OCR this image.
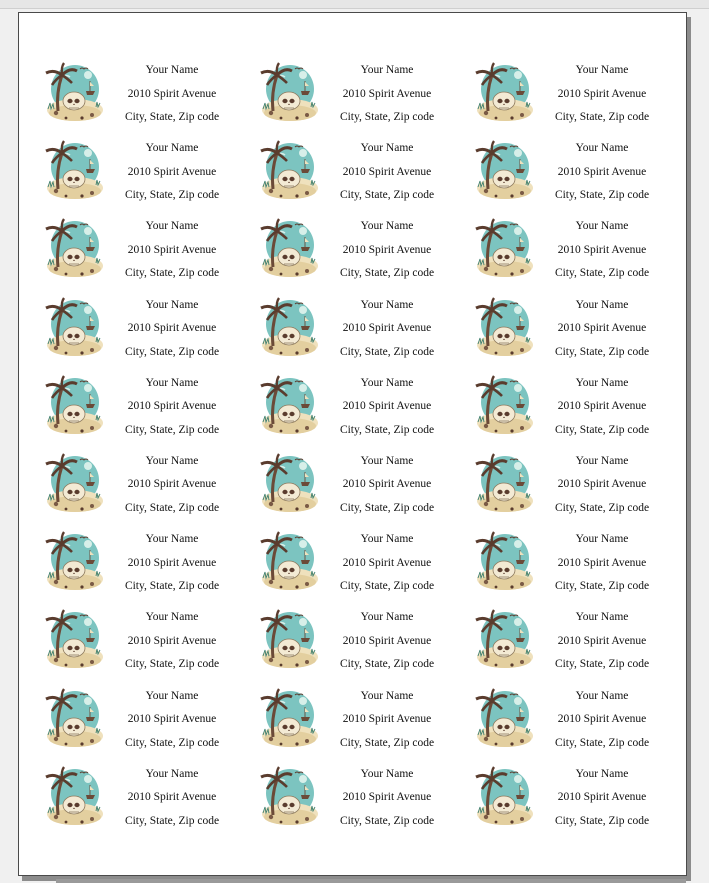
Your Name
2010 Spirit Avenue
City, State, Zip code
Your Name
2010 Spirit Avenue
City, State, Zip code
Your Name
2010 Spirit Avenue
City, State, Zip code
Your Name
2010 Spirit Avenue
City, State, Zip code
Your Name
2010 Spirit Avenue
City, State, Zip code
Your Name
2010 Spirit Avenue
City, State, Zip code
Your Name
2010 Spirit Avenue
City, State, Zip code
Your Name
2010 Spirit Avenue
City, State, Zip code
Your Name
2010 Spirit Avenue
City, State, Zip code
Your Name
2010 Spirit Avenue
City, State, Zip code
Your Name
2010 Spirit Avenue
City, State, Zip code
Your Name
2010 Spirit Avenue
City, State, Zip code
Your Name
2010 Spirit Avenue
City, State, Zip code
Your Name
2010 Spirit Avenue
City, State, Zip code
Your Name
2010 Spirit Avenue
City, State, Zip code
Your Name
2010 Spirit Avenue
City, State, Zip code
Your Name
2010 Spirit Avenue
City, State, Zip code
Your Name
2010 Spirit Avenue
City, State, Zip code
Your Name
2010 Spirit Avenue
City, State, Zip code
Your Name
2010 Spirit Avenue
City, State, Zip code
Your Name
2010 Spirit Avenue
City, State, Zip code
Your Name
2010 Spirit Avenue
City, State, Zip code
Your Name
2010 Spirit Avenue
City, State, Zip code
Your Name
2010 Spirit Avenue
City, State, Zip code
Your Name
2010 Spirit Avenue
City, State, Zip code
Your Name
2010 Spirit Avenue
City, State, Zip code
Your Name
2010 Spirit Avenue
City, State, Zip code
Your Name
2010 Spirit Avenue
City, State, Zip code
Your Name
2010 Spirit Avenue
City, State, Zip code
Your Name
2010 Spirit Avenue
City, State, Zip code
